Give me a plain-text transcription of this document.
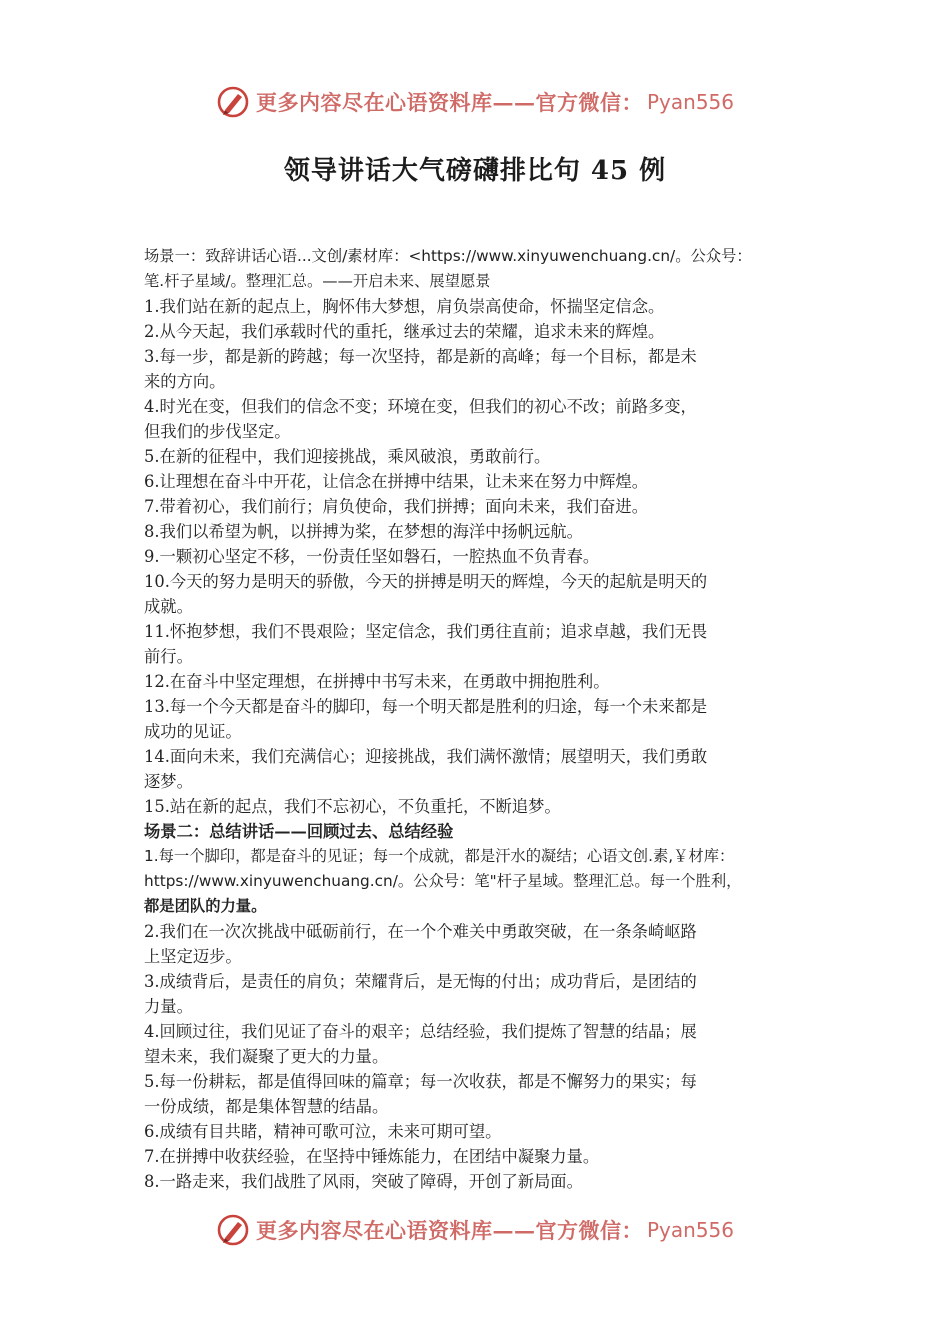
更多内容尽在心语资料库——官方微信： Pyan556
领导讲话大气磅礴排比句 45 例
场景一：致辞讲话心语...文创/素材库：<https://www.xinyuwenchuang.cn/。公众号：
笔.杆子星域/。整理汇总。——开启未来、展望愿景
1.我们站在新的起点上，胸怀伟大梦想，肩负崇高使命，怀揣坚定信念。
2.从今天起，我们承载时代的重托，继承过去的荣耀，追求未来的辉煌。
3.每一步，都是新的跨越；每一次坚持，都是新的高峰；每一个目标，都是未
来的方向。
4.时光在变，但我们的信念不变；环境在变，但我们的初心不改；前路多变，
但我们的步伐坚定。
5.在新的征程中，我们迎接挑战，乘风破浪，勇敢前行。
6.让理想在奋斗中开花，让信念在拼搏中结果，让未来在努力中辉煌。
7.带着初心，我们前行；肩负使命，我们拼搏；面向未来，我们奋进。
8.我们以希望为帆，以拼搏为桨，在梦想的海洋中扬帆远航。
9.一颗初心坚定不移，一份责任坚如磐石，一腔热血不负青春。
10.今天的努力是明天的骄傲，今天的拼搏是明天的辉煌，今天的起航是明天的
成就。
11.怀抱梦想，我们不畏艰险；坚定信念，我们勇往直前；追求卓越，我们无畏
前行。
12.在奋斗中坚定理想，在拼搏中书写未来，在勇敢中拥抱胜利。
13.每一个今天都是奋斗的脚印，每一个明天都是胜利的归途，每一个未来都是
成功的见证。
14.面向未来，我们充满信心；迎接挑战，我们满怀激情；展望明天，我们勇敢
逐梦。
15.站在新的起点，我们不忘初心，不负重托，不断追梦。
场景二：总结讲话——回顾过去、总结经验
1.每一个脚印，都是奋斗的见证；每一个成就，都是汗水的凝结；心语文创.素,￥材库：
https://www.xinyuwenchuang.cn/。公众号：笔"杆子星域。整理汇总。每一个胜利，
都是团队的力量。
2.我们在一次次挑战中砥砺前行，在一个个难关中勇敢突破，在一条条崎岖路
上坚定迈步。
3.成绩背后，是责任的肩负；荣耀背后，是无悔的付出；成功背后，是团结的
力量。
4.回顾过往，我们见证了奋斗的艰辛；总结经验，我们提炼了智慧的结晶；展
望未来，我们凝聚了更大的力量。
5.每一份耕耘，都是值得回味的篇章；每一次收获，都是不懈努力的果实；每
一份成绩，都是集体智慧的结晶。
6.成绩有目共睹，精神可歌可泣，未来可期可望。
7.在拼搏中收获经验，在坚持中锤炼能力，在团结中凝聚力量。
8.一路走来，我们战胜了风雨，突破了障碍，开创了新局面。
更多内容尽在心语资料库——官方微信： Pyan556
